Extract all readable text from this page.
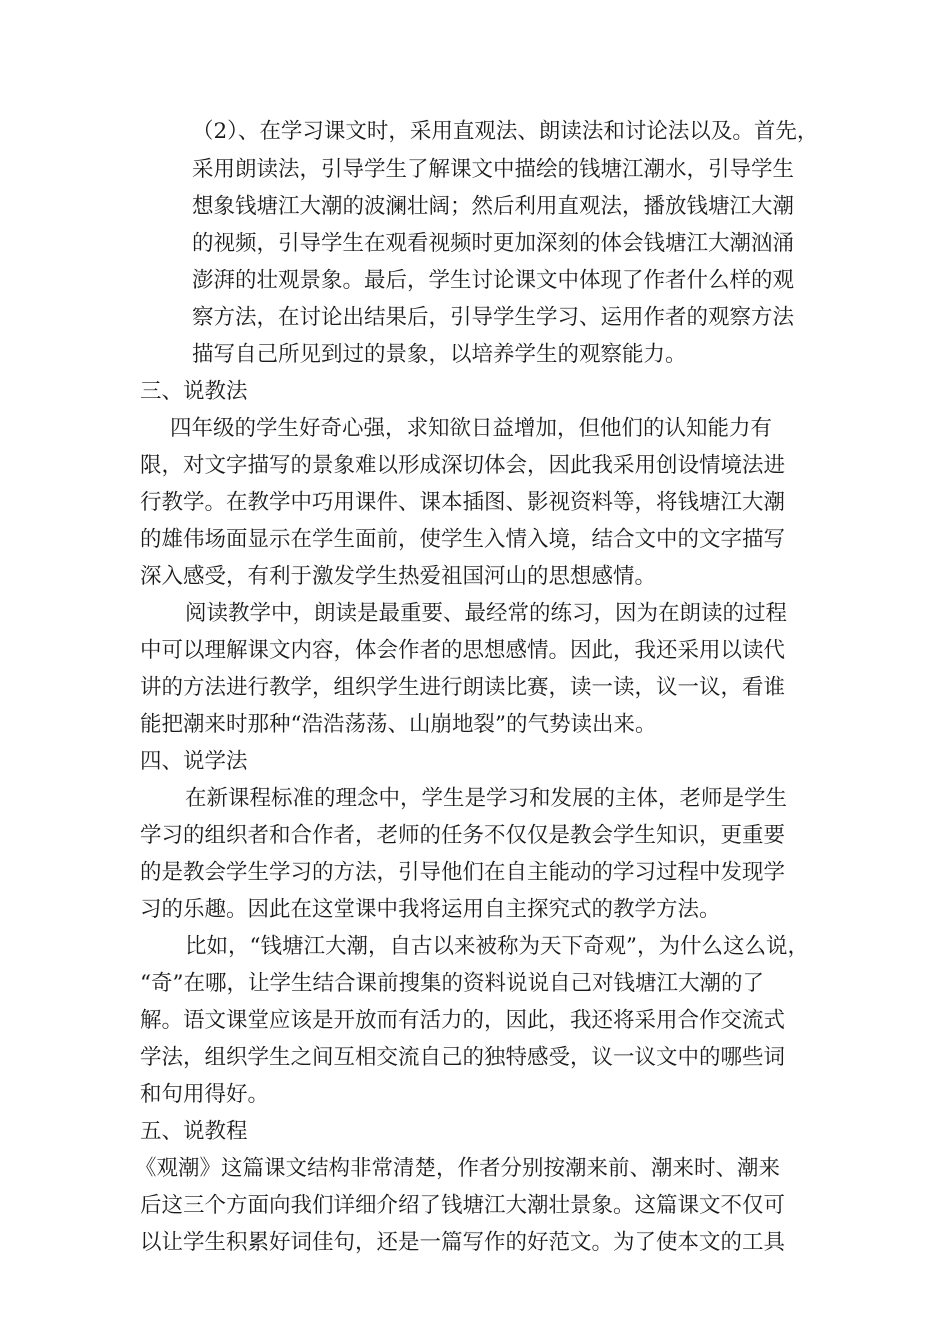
（2）、在学习课文时，采用直观法、朗读法和讨论法以及。首先，
采用朗读法，引导学生了解课文中描绘的钱塘江潮水，引导学生
想象钱塘江大潮的波澜壮阔；然后利用直观法，播放钱塘江大潮
的视频，引导学生在观看视频时更加深刻的体会钱塘江大潮汹涌
澎湃的壮观景象。最后，学生讨论课文中体现了作者什么样的观
察方法，在讨论出结果后，引导学生学习、运用作者的观察方法
描写自己所见到过的景象，以培养学生的观察能力。
三、说教法
四年级的学生好奇心强，求知欲日益增加，但他们的认知能力有
限，对文字描写的景象难以形成深切体会，因此我采用创设情境法进
行教学。在教学中巧用课件、课本插图、影视资料等，将钱塘江大潮
的雄伟场面显示在学生面前，使学生入情入境，结合文中的文字描写
深入感受，有利于激发学生热爱祖国河山的思想感情。
阅读教学中，朗读是最重要、最经常的练习，因为在朗读的过程
中可以理解课文内容，体会作者的思想感情。因此，我还采用以读代
讲的方法进行教学，组织学生进行朗读比赛，读一读，议一议，看谁
能把潮来时那种“浩浩荡荡、山崩地裂”的气势读出来。
四、说学法
在新课程标准的理念中，学生是学习和发展的主体，老师是学生
学习的组织者和合作者，老师的任务不仅仅是教会学生知识，更重要
的是教会学生学习的方法，引导他们在自主能动的学习过程中发现学
习的乐趣。因此在这堂课中我将运用自主探究式的教学方法。
比如，“钱塘江大潮，自古以来被称为天下奇观”，为什么这么说，
“奇”在哪，让学生结合课前搜集的资料说说自己对钱塘江大潮的了
解。语文课堂应该是开放而有活力的，因此，我还将采用合作交流式
学法，组织学生之间互相交流自己的独特感受，议一议文中的哪些词
和句用得好。
五、说教程
《观潮》这篇课文结构非常清楚，作者分别按潮来前、潮来时、潮来
后这三个方面向我们详细介绍了钱塘江大潮壮景象。这篇课文不仅可
以让学生积累好词佳句，还是一篇写作的好范文。为了使本文的工具
